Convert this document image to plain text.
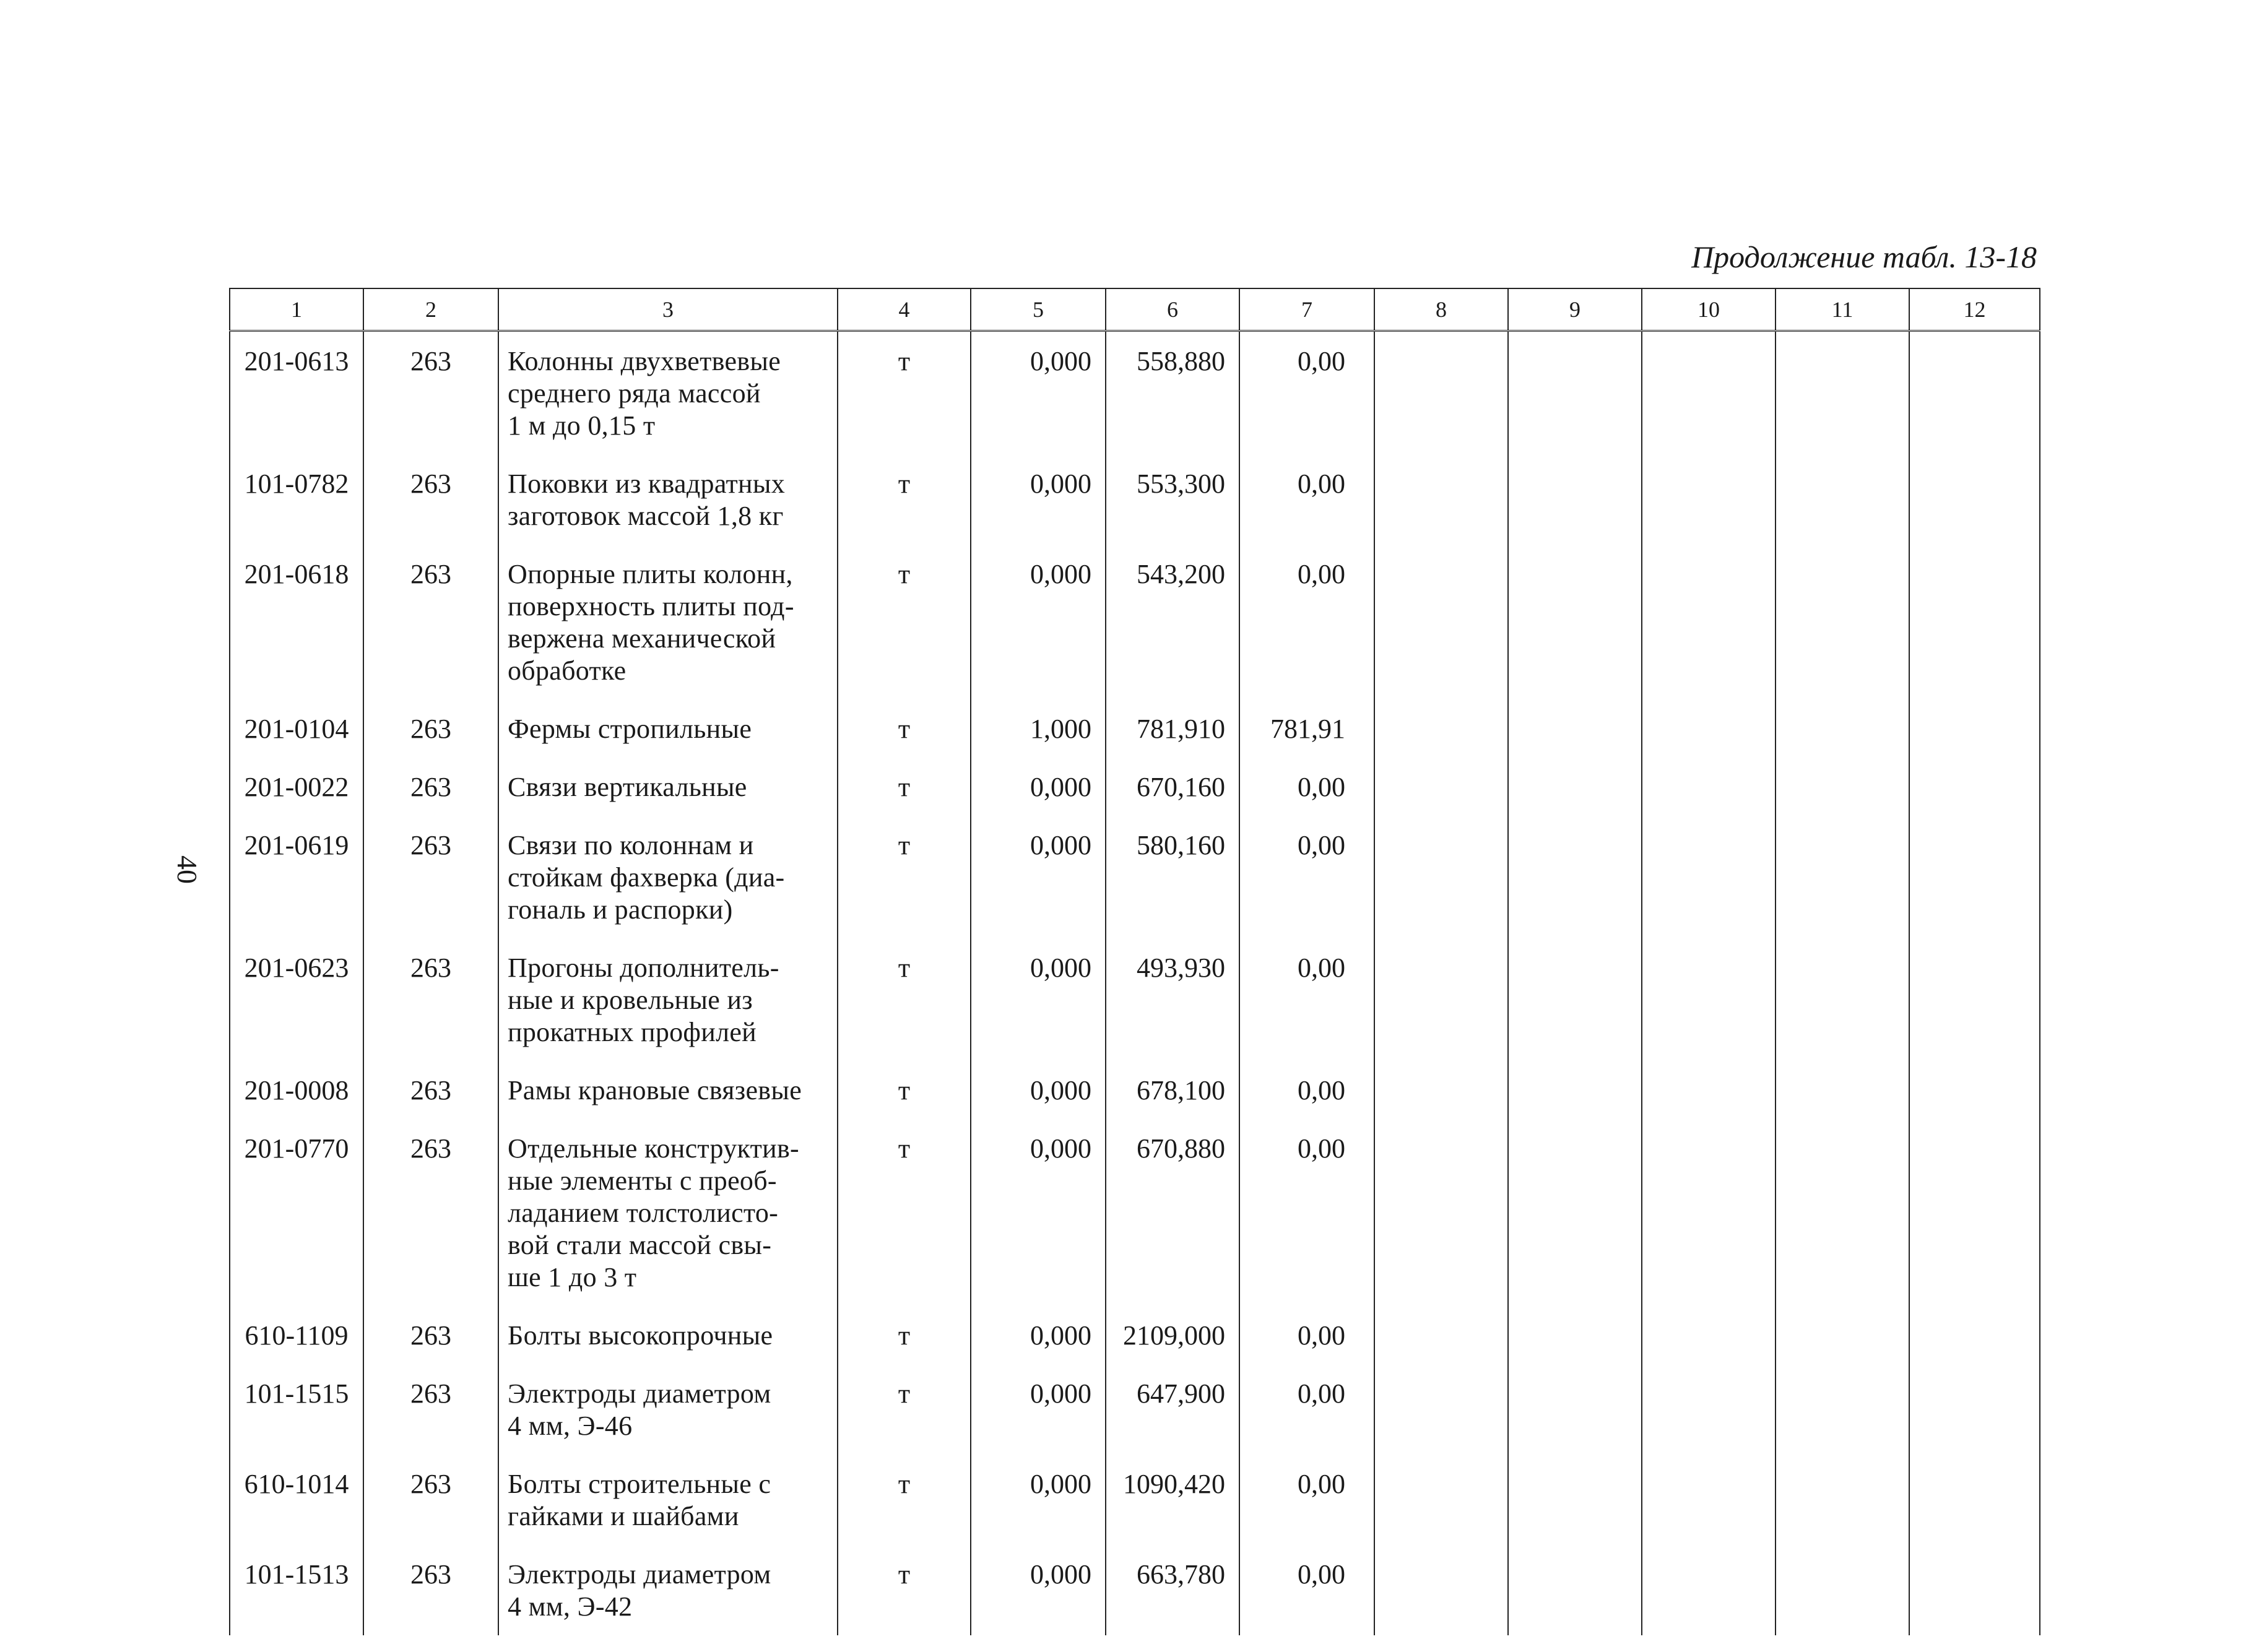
Продолжение табл. 13-18
40
1	2	3	4	5	6	7	8	9	10	11	12
201-0613	263	Колонны двухветвевые
среднего ряда массой
1 м до 0,15 т	т	0,000	558,880	0,00					
101-0782	263	Поковки из квадратных
заготовок массой 1,8 кг	т	0,000	553,300	0,00					
201-0618	263	Опорные плиты колонн,
поверхность плиты под-
вержена механической
обработке	т	0,000	543,200	0,00					
201-0104	263	Фермы стропильные	т	1,000	781,910	781,91					
201-0022	263	Связи вертикальные	т	0,000	670,160	0,00					
201-0619	263	Связи по колоннам и
стойкам фахверка (диа-
гональ и распорки)	т	0,000	580,160	0,00					
201-0623	263	Прогоны дополнитель-
ные и кровельные из
прокатных профилей	т	0,000	493,930	0,00					
201-0008	263	Рамы крановые связевые	т	0,000	678,100	0,00					
201-0770	263	Отдельные конструктив-
ные элементы с преоб-
ладанием толстолисто-
вой стали массой свы-
ше 1 до 3 т	т	0,000	670,880	0,00					
610-1109	263	Болты высокопрочные	т	0,000	2109,000	0,00					
101-1515	263	Электроды диаметром
4 мм, Э-46	т	0,000	647,900	0,00					
610-1014	263	Болты строительные с
гайками и шайбами	т	0,000	1090,420	0,00					
101-1513	263	Электроды диаметром
4 мм, Э-42	т	0,000	663,780	0,00					
